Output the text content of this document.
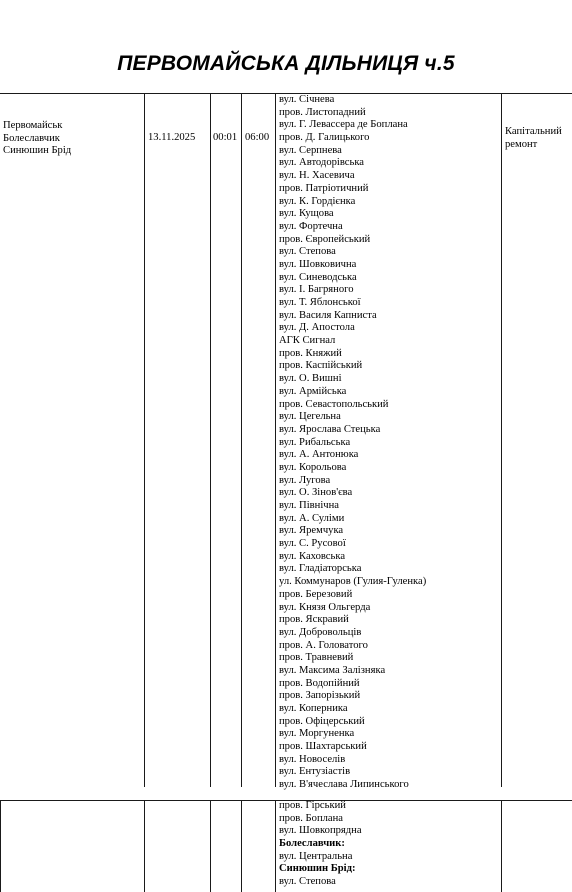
ПЕРВОМАЙСЬКА ДІЛЬНИЦЯ ч.5
Первомайськ
Болеславчик
Синюшин Брід
13.11.2025 00:01 06:00
Капітальний
ремонт
вул. Січнева
пров. Листопадний
вул. Г. Левассера де Боплана
пров. Д. Галицького
вул. Серпнева
вул. Автодорівська
вул. Н. Хасевича
пров. Патріотичний
вул. К. Гордієнка
вул. Кущова
вул. Фортечна
пров. Європейський
вул. Степова
вул. Шовковична
вул. Синеводська
вул. І. Багряного
вул. Т. Яблонської
вул. Василя Капниста
вул. Д. Апостола
АГК Сигнал
пров. Княжий
пров. Каспійський
вул. О. Вишні
вул. Армійська
пров. Севастопольський
вул. Цегельна
вул. Ярослава Стецька
вул. Рибальська
вул. А. Антонюка
вул. Корольова
вул. Лугова
вул. О. Зінов'єва
вул. Північна
вул. А. Суліми
вул. Яремчука
вул. С. Русової
вул. Каховська
вул. Гладіаторська
ул. Коммунаров (Гулия-Гуленка)
пров. Березовий
вул. Князя Ольгерда
пров. Яскравий
вул. Добровольців
пров. А. Головатого
пров. Травневий
вул. Максима Залізняка
пров. Водопійний
пров. Запорізький
вул. Коперника
пров. Офіцерський
вул. Моргуненка
пров. Шахтарський
вул. Новоселів
вул. Ентузіастів
вул. В'ячеслава Липинського
пров. Гірський
пров. Боплана
вул. Шовкопрядна
Болеславчик:
вул. Центральна
Синюшин Брід:
вул. Степова
